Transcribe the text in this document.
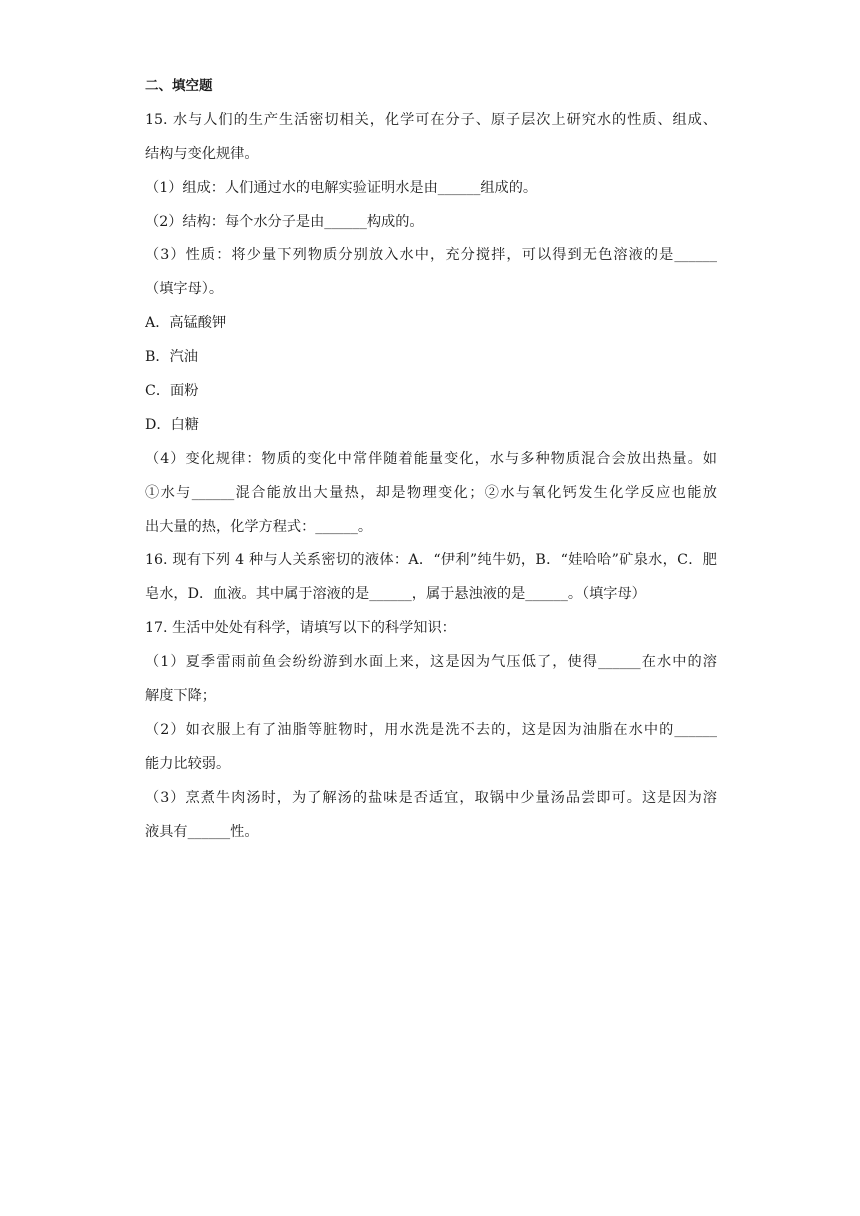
二、填空题
15. 水与人们的生产生活密切相关，化学可在分子、原子层次上研究水的性质、组成、
结构与变化规律。
（1）组成：人们通过水的电解实验证明水是由______组成的。
（2）结构：每个水分子是由______构成的。
（3）性质：将少量下列物质分别放入水中，充分搅拌，可以得到无色溶液的是______
（填字母）。
A．高锰酸钾
B．汽油
C．面粉
D．白糖
（4）变化规律：物质的变化中常伴随着能量变化，水与多种物质混合会放出热量。如
①水与______混合能放出大量热，却是物理变化；②水与氧化钙发生化学反应也能放
出大量的热，化学方程式：______。
16. 现有下列 4 种与人关系密切的液体：A．“伊利”纯牛奶，B．“娃哈哈”矿泉水，C．肥
皂水，D．血液。其中属于溶液的是______，属于悬浊液的是______。（填字母）
17. 生活中处处有科学，请填写以下的科学知识：
（1）夏季雷雨前鱼会纷纷游到水面上来，这是因为气压低了，使得______在水中的溶
解度下降；
（2）如衣服上有了油脂等脏物时，用水洗是洗不去的，这是因为油脂在水中的______
能力比较弱。
（3）烹煮牛肉汤时，为了解汤的盐味是否适宜，取锅中少量汤品尝即可。这是因为溶
液具有______性。
